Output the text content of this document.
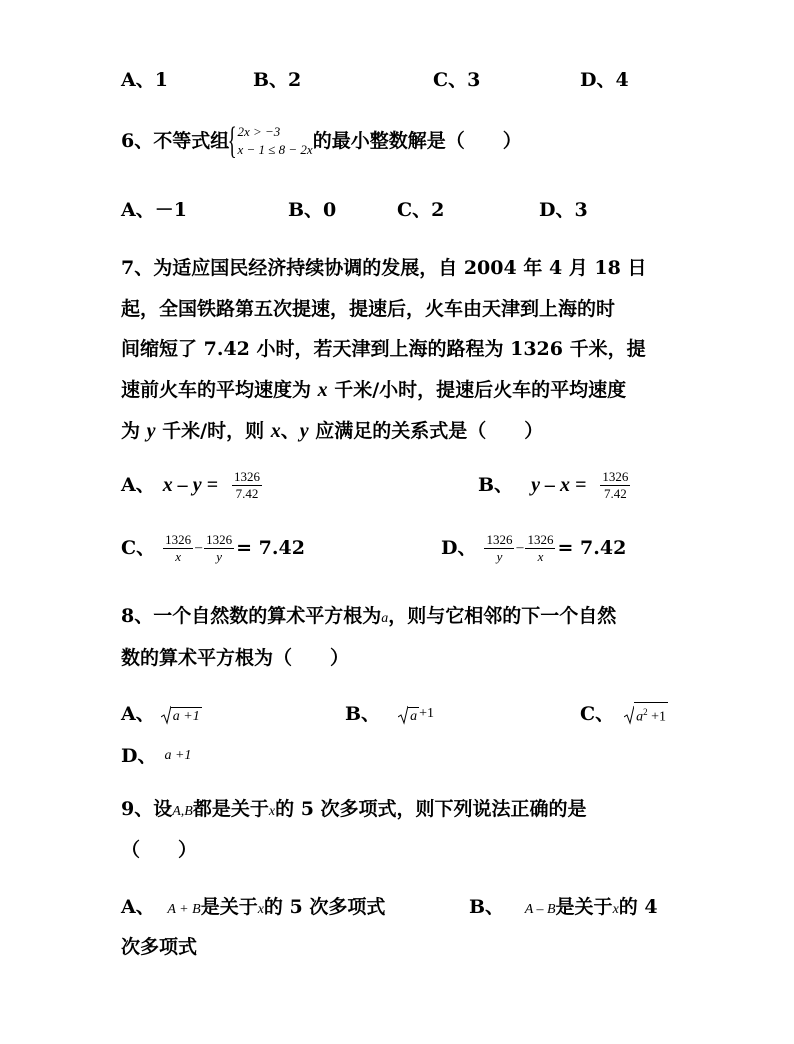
A、1	B、2	C、3	D、4
6、不等式组
{ 2x > −3
x − 1 ≤ 8 − 2x 的最小整数解是（　　）
A、－1	B、0	C、2	D、3
7、为适应国民经济持续协调的发展，自 2004 年 4 月 18 日
起，全国铁路第五次提速，提速后，火车由天津到上海的时
间缩短了 7.42 小时，若天津到上海的路程为 1326 千米，提
速前火车的平均速度为 x 千米/小时，提速后火车的平均速度
为 y 千米/时，则 x、y 应满足的关系式是（　　）
A、 $x - y = \frac{1326}{7.42}$	B、 $y - x = \frac{1326}{7.42}$
C、 $\frac{1326}{x} - \frac{1326}{y} = 7.42$	D、 $\frac{1326}{y} - \frac{1326}{x} = 7.42$
8、一个自然数的算术平方根为a，则与它相邻的下一个自然
数的算术平方根为（　　）
A、	a +1	B、	a +1	C、	$a^2 +1$
D、 a +1
9、设A,B都是关于x的 5 次多项式，则下列说法正确的是
（　　）
A、 A + B是关于x的 5 次多项式	B、 A – B是关于x的 4
次多项式
